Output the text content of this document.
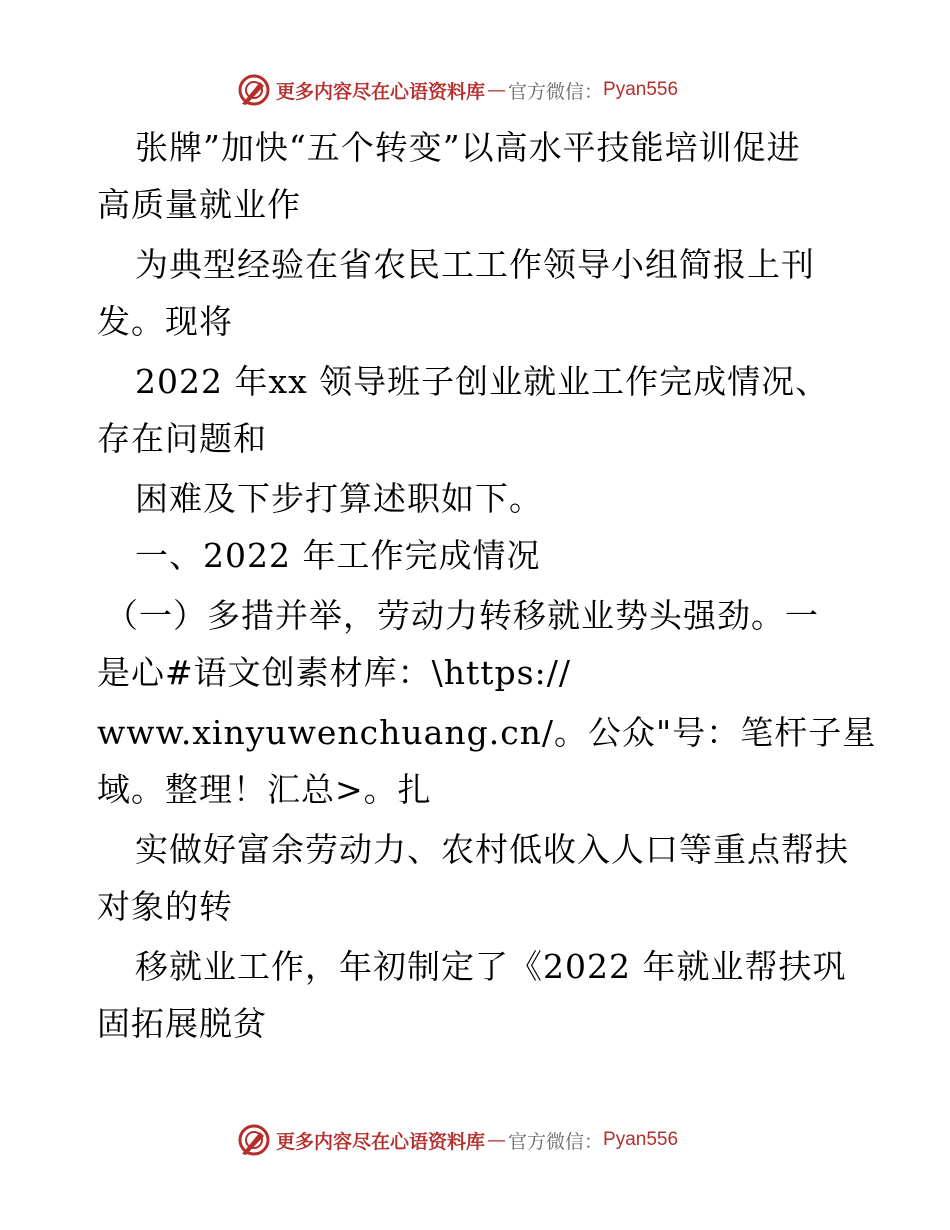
更多内容尽在心语资料库 — 官方微信： Pyan556
张牌”加快“五个转变”以高水平技能培训促进
高质量就业作
为典型经验在省农民工工作领导小组简报上刊
发。现将
2022 年xx 领导班子创业就业工作完成情况、
存在问题和
困难及下步打算述职如下。
一、2022 年工作完成情况
（一）多措并举，劳动力转移就业势头强劲。一
是心#语文创素材库：\https://
www.xinyuwenchuang.cn/。公众"号：笔杆子星
域。整理！汇总>。扎
实做好富余劳动力、农村低收入人口等重点帮扶
对象的转
移就业工作，年初制定了《2022 年就业帮扶巩
固拓展脱贫
更多内容尽在心语资料库 — 官方微信： Pyan556
